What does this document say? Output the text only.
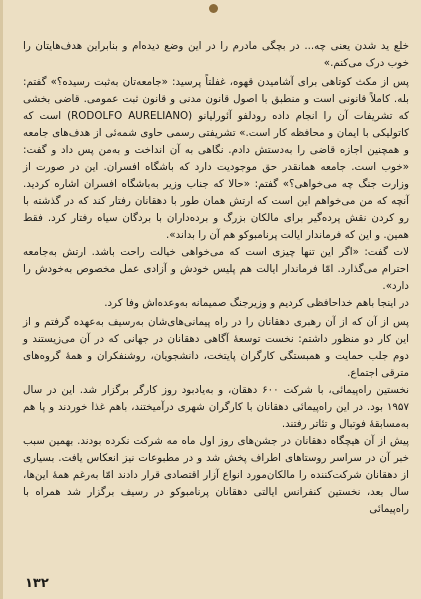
خلع ید شدن یعنی چه... در بچگی مادرم را در این وضع دیده‌ام و بنابراین هدف‌هایتان را خوب درک می‌کنم.»

پس از مکث کوتاهی برای آشامیدن قهوه، غفلتاً پرسید: «جامعه‌تان به‌ثبت رسیده؟» گفتم: بله. کاملاً قانونی است و منطبق با اصول قانون مدنی و قانون ثبت عمومی. قاضی بخشی که تشریفات آن را انجام داده رودلفو آئورلیانو (RODOLFO AURELIANO) است که کاتولیکی با ایمان و محافظه کار است.» تشریفتی رسمی حاوی شمه‌ئی از هدف‌های جامعه و همچنین اجازه قاضی را به‌دستش دادم. نگاهی به آن انداخت و به‌من پس داد و گفت: «خوب است. جامعه همانقدر حق موجودیت دارد که باشگاه افسران. این در صورت از وزارت جنگ چه می‌خواهی؟» گفتم: «حالا که جناب وزیر به‌باشگاه افسران اشاره کردید. آنچه که من می‌خواهم این است که ارتش همان طور با دهقانان رفتار کند که در گذشته با رو کردن نقش پرده‌گیر برای مالکان بزرگ و برده‌داران با بردگان سیاه رفتار کرد. فقط همین. و این که فرماندار ایالت پرنامبوکو هم آن را بداند».

لات گفت: «اگر این تنها چیزی است که می‌خواهی خیالت راحت باشد. ارتش به‌جامعه احترام می‌گذارد. امّا فرماندار ایالت هم پلیس خودش و آزادی عمل مخصوص به‌خودش را دارد».

در اینجا باهم خداحافظی کردیم و وزیرجنگ صمیمانه به‌وعده‌اش وفا کرد.

پس از آن که از آن رهبری دهقانان را در راه پیمانی‌های‌شان به‌رسیف به‌عهده گرفتم و از این کار دو منظور داشتم: نخست توسعهٔ آگاهی دهقانان در جهانی که در آن می‌زیستند و دوم جلب حمایت و همبستگی کارگران پایتخت، دانشجویان، روشنفکران و همهٔ گروه‌های مترقی اجتماع.

نخستین راه‌پیمائی، با شرکت ۶۰۰ دهقان، و به‌یادبود روز کارگر برگزار شد. این در سال ۱۹۵۷ بود. در این راه‌پیمائی دهقانان با کارگران شهری درآمیختند، باهم غذا خوردند و پا هم به‌مسابقهٔ فوتبال و تئاتر رفتند.

پیش از آن هیچگاه دهقانان در جشن‌های روز اول ماه مه شرکت نکرده بودند. بهمین سبب خبر آن در سراسر روستاهای اطراف پخش شد و در مطبوعات نیز انعکاس یافت. بسیاری از دهقانان شرکت‌کننده را مالکان‌مورد انواع آزار اقتصادی قرار دادند امّا به‌رغم همهٔ این‌ها، سال بعد، نخستین کنفرانس ایالتی دهقانان پرنامبوکو در رسیف برگزار شد همراه با راه‌پیمائی

۱۳۲
